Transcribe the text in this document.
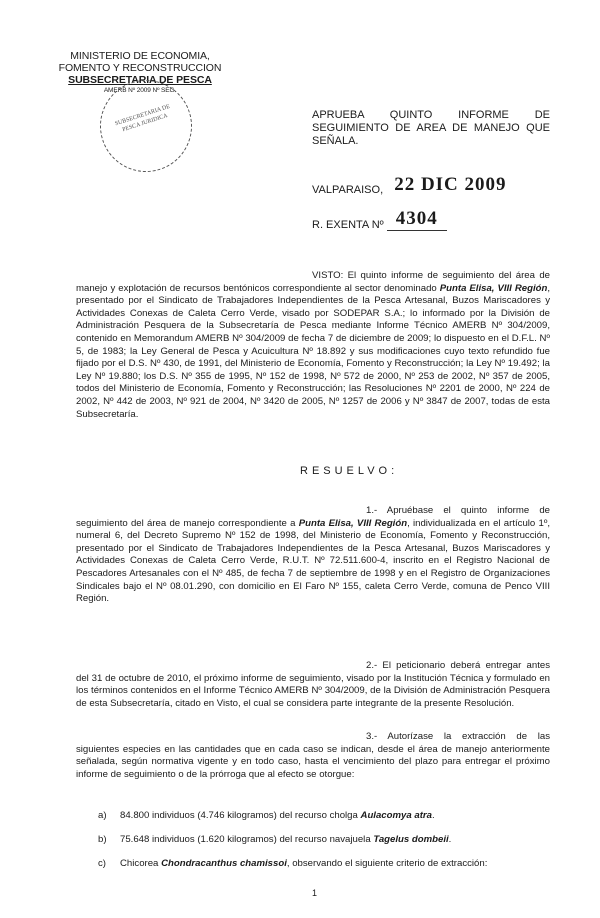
MINISTERIO DE ECONOMIA,
FOMENTO Y RECONSTRUCCION
SUBSECRETARIA DE PESCA
AMERB Nº 2009 Nº SEG.
SUBSECRETARIA DE PESCA JURIDICA	APRUEBA QUINTO INFORME DE SEGUIMIENTO DE AREA DE MANEJO QUE SEÑALA.
VALPARAISO, 22 DIC 2009
R. EXENTA Nº 4304
VISTO: El quinto informe de seguimiento del área de manejo y explotación de recursos bentónicos correspondiente al sector denominado Punta Elisa, VIII Región, presentado por el Sindicato de Trabajadores Independientes de la Pesca Artesanal, Buzos Mariscadores y Actividades Conexas de Caleta Cerro Verde, visado por SODEPAR S.A.; lo informado por la División de Administración Pesquera de la Subsecretaría de Pesca mediante Informe Técnico AMERB Nº 304/2009, contenido en Memorandum AMERB Nº 304/2009 de fecha 7 de diciembre de 2009; lo dispuesto en el D.F.L. Nº 5, de 1983; la Ley General de Pesca y Acuicultura Nº 18.892 y sus modificaciones cuyo texto refundido fue fijado por el D.S. Nº 430, de 1991, del Ministerio de Economía, Fomento y Reconstrucción; la Ley Nº 19.492; la Ley Nº 19.880; los D.S. Nº 355 de 1995, Nº 152 de 1998, Nº 572 de 2000, Nº 253 de 2002, Nº 357 de 2005, todos del Ministerio de Economía, Fomento y Reconstrucción; las Resoluciones Nº 2201 de 2000, Nº 224 de 2002, Nº 442 de 2003, Nº 921 de 2004, Nº 3420 de 2005, Nº 1257 de 2006 y Nº 3847 de 2007, todas de esta Subsecretaría.
RESUELVO:
1.- Apruébase el quinto informe de seguimiento del área de manejo correspondiente a Punta Elisa, VIII Región, individualizada en el artículo 1º, numeral 6, del Decreto Supremo Nº 152 de 1998, del Ministerio de Economía, Fomento y Reconstrucción, presentado por el Sindicato de Trabajadores Independientes de la Pesca Artesanal, Buzos Mariscadores y Actividades Conexas de Caleta Cerro Verde, R.U.T. Nº 72.511.600-4, inscrito en el Registro Nacional de Pescadores Artesanales con el Nº 485, de fecha 7 de septiembre de 1998 y en el Registro de Organizaciones Sindicales bajo el Nº 08.01.290, con domicilio en El Faro Nº 155, caleta Cerro Verde, comuna de Penco VIII Región.
2.- El peticionario deberá entregar antes del 31 de octubre de 2010, el próximo informe de seguimiento, visado por la Institución Técnica y formulado en los términos contenidos en el Informe Técnico AMERB Nº 304/2009, de la División de Administración Pesquera de esta Subsecretaría, citado en Visto, el cual se considera parte integrante de la presente Resolución.
3.- Autorízase la extracción de las siguientes especies en las cantidades que en cada caso se indican, desde el área de manejo anteriormente señalada, según normativa vigente y en todo caso, hasta el vencimiento del plazo para entregar el próximo informe de seguimiento o de la prórroga que al efecto se otorgue:
a) 84.800 individuos (4.746 kilogramos) del recurso cholga Aulacomya atra.
b) 75.648 individuos (1.620 kilogramos) del recurso navajuela Tagelus dombeii.
c) Chicorea Chondracanthus chamissoi, observando el siguiente criterio de extracción:
1
